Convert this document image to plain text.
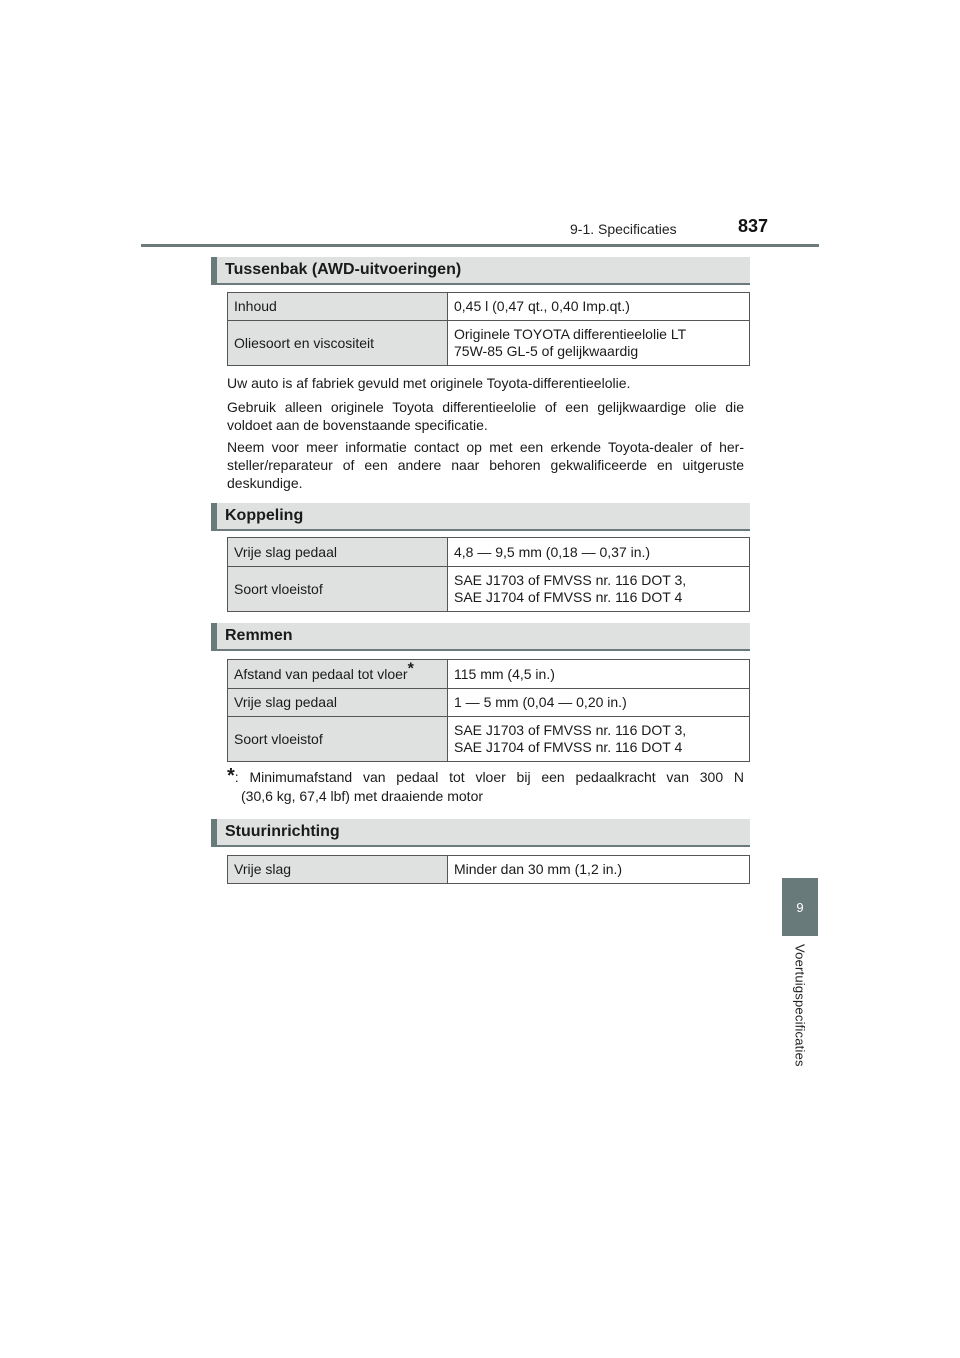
9-1. Specificaties	837
9
Voertuigspecificaties
Tussenbak (AWD-uitvoeringen)
Inhoud	0,45 l (0,47 qt., 0,40 Imp.qt.)
Oliesoort en viscositeit	Originele TOYOTA differentieelolie LT
75W-85 GL-5 of gelijkwaardig
Uw auto is af fabriek gevuld met originele Toyota-differentieelolie.
Gebruik alleen originele Toyota differentieelolie of een gelijkwaardige olie die voldoet aan de bovenstaande specificatie.
Neem voor meer informatie contact op met een erkende Toyota-dealer of her-steller/reparateur of een andere naar behoren gekwalificeerde en uitgeruste deskundige.
Koppeling
Vrije slag pedaal	4,8 — 9,5 mm (0,18 — 0,37 in.)
Soort vloeistof	SAE J1703 of FMVSS nr. 116 DOT 3,
SAE J1704 of FMVSS nr. 116 DOT 4
Remmen
Afstand van pedaal tot vloer*	115 mm (4,5 in.)
Vrije slag pedaal	1 — 5 mm (0,04 — 0,20 in.)
Soort vloeistof	SAE J1703 of FMVSS nr. 116 DOT 3,
SAE J1704 of FMVSS nr. 116 DOT 4
*: Minimumafstand van pedaal tot vloer bij een pedaalkracht van 300 N
(30,6 kg, 67,4 lbf) met draaiende motor
Stuurinrichting
Vrije slag	Minder dan 30 mm (1,2 in.)
